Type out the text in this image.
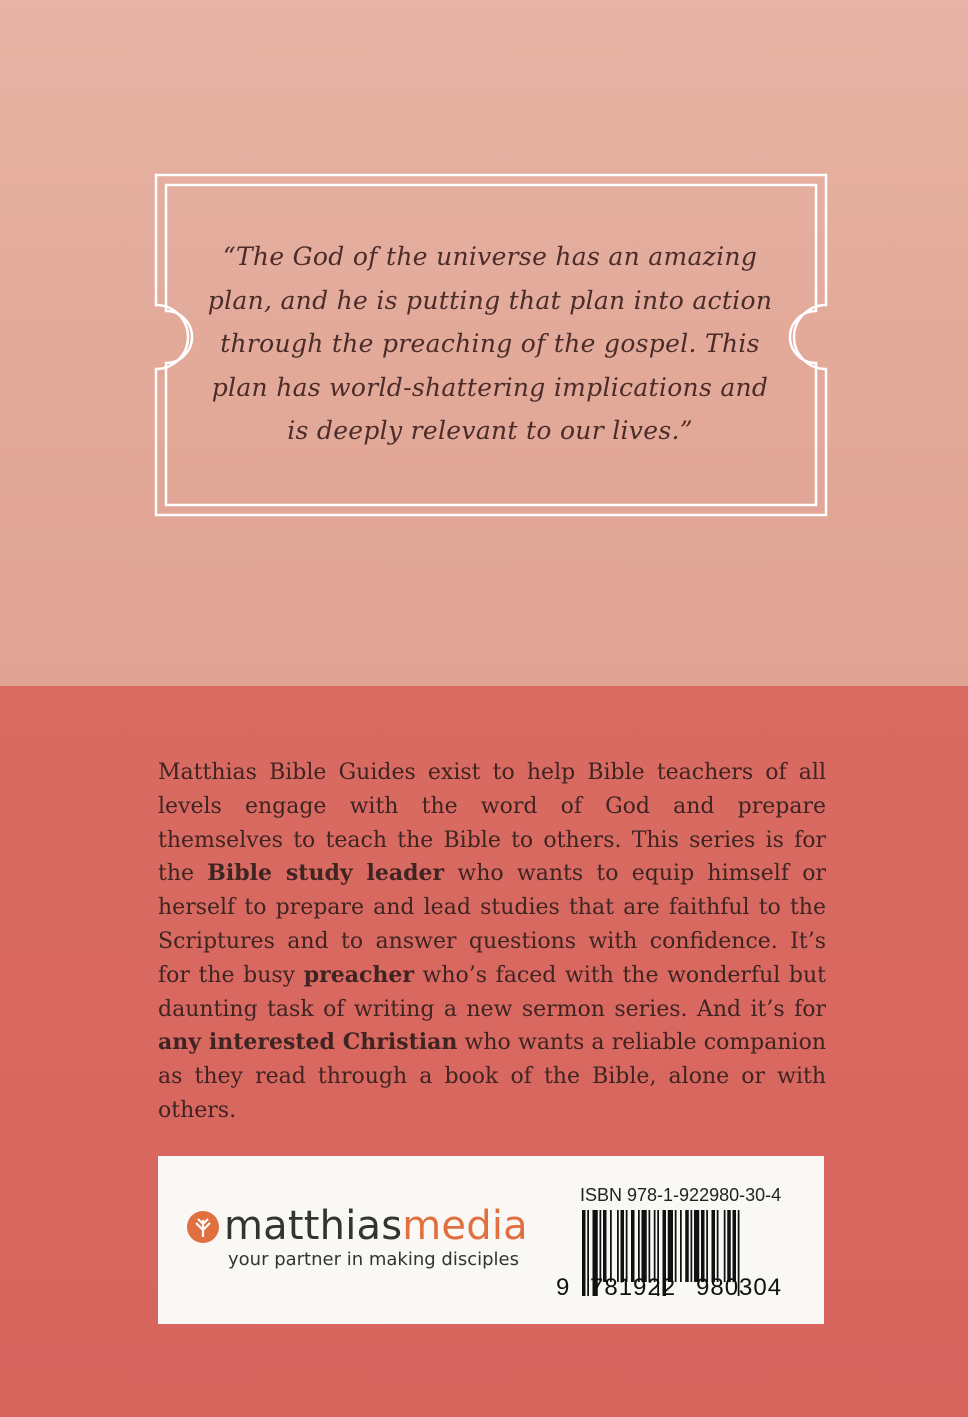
“The God of the universe has an amazing plan, and he is putting that plan into action through the preaching of the gospel. This plan has world-shattering implications and is deeply relevant to our lives.”
Matthias Bible Guides exist to help Bible teachers of all levels engage with the word of God and prepare themselves to teach the Bible to others. This series is for the Bible study leader who wants to equip himself or herself to prepare and lead studies that are faithful to the Scriptures and to answer questions with confidence. It’s for the busy preacher who’s faced with the wonderful but daunting task of writing a new sermon series. And it’s for any interested Christian who wants a reliable companion as they read through a book of the Bible, alone or with others.
matthiasmedia
your partner in making disciples
ISBN 978-1-922980-30-4
9 781922 980304
